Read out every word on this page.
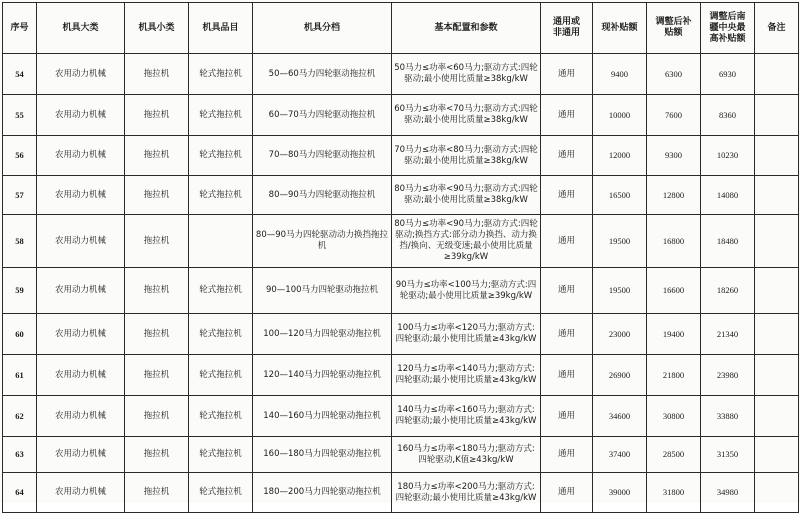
序号	机具大类	机具小类	机具品目	机具分档	基本配置和参数	通用或非通用	现补贴额	调整后补贴额	调整后南疆中央最高补贴额	备注
54	农用动力机械	拖拉机	轮式拖拉机	50—60马力四轮驱动拖拉机	50马力≤功率<60马力;驱动方式:四轮驱动;最小使用比质量≥38kg/kW	通用	9400	6300	6930	
55	农用动力机械	拖拉机	轮式拖拉机	60—70马力四轮驱动拖拉机	60马力≤功率<70马力;驱动方式:四轮驱动;最小使用比质量≥38kg/kW	通用	10000	7600	8360	
56	农用动力机械	拖拉机	轮式拖拉机	70—80马力四轮驱动拖拉机	70马力≤功率<80马力;驱动方式:四轮驱动;最小使用比质量≥38kg/kW	通用	12000	9300	10230	
57	农用动力机械	拖拉机	轮式拖拉机	80—90马力四轮驱动拖拉机	80马力≤功率<90马力;驱动方式:四轮驱动;最小使用比质量≥38kg/kW	通用	16500	12800	14080	
58	农用动力机械	拖拉机		80—90马力四轮驱动动力换挡拖拉机	80马力≤功率<90马力;驱动方式:四轮驱动;换挡方式:部分动力换挡、动力换挡/换向、无级变速;最小使用比质量≥39kg/kW	通用	19500	16800	18480	
59	农用动力机械	拖拉机	轮式拖拉机	90—100马力四轮驱动拖拉机	90马力≤功率<100马力;驱动方式:四轮驱动;最小使用比质量≥39kg/kW	通用	19500	16600	18260	
60	农用动力机械	拖拉机	轮式拖拉机	100—120马力四轮驱动拖拉机	100马力≤功率<120马力;驱动方式:四轮驱动;最小使用比质量≥43kg/kW	通用	23000	19400	21340	
61	农用动力机械	拖拉机	轮式拖拉机	120—140马力四轮驱动拖拉机	120马力≤功率<140马力;驱动方式:四轮驱动;最小使用比质量≥43kg/kW	通用	26900	21800	23980	
62	农用动力机械	拖拉机	轮式拖拉机	140—160马力四轮驱动拖拉机	140马力≤功率<160马力;驱动方式:四轮驱动;最小使用比质量≥43kg/kW	通用	34600	30800	33880	
63	农用动力机械	拖拉机	轮式拖拉机	160—180马力四轮驱动拖拉机	160马力≤功率<180马力;驱动方式:四轮驱动,K值≥43kg/kW	通用	37400	28500	31350	
64	农用动力机械	拖拉机	轮式拖拉机	180—200马力四轮驱动拖拉机	180马力≤功率<200马力;驱动方式:四轮驱动;最小使用比质量≥43kg/kW	通用	39000	31800	34980	
